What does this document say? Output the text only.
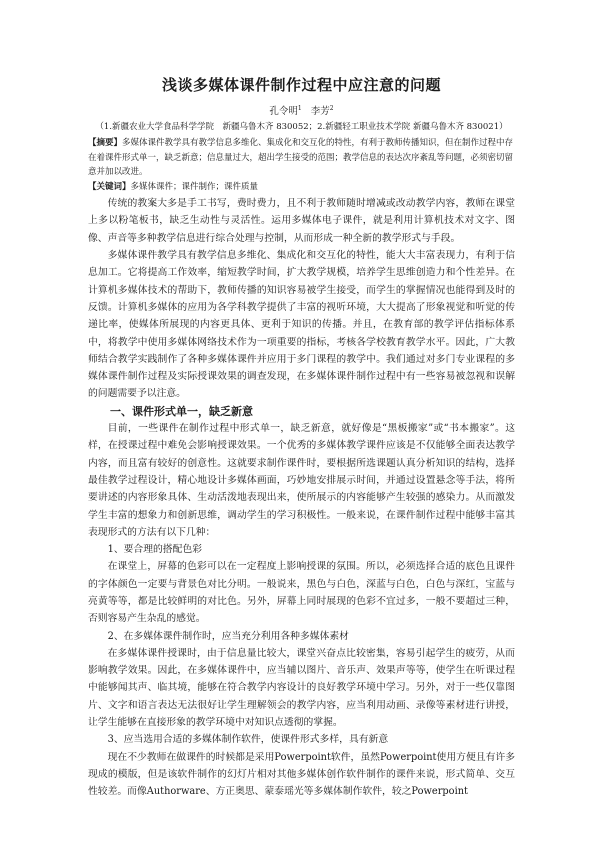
浅谈多媒体课件制作过程中应注意的问题

孔令明$^1$ 李芳$^2$

（1.新疆农业大学食品科学学院　新疆乌鲁木齐 830052；2.新疆轻工职业技术学院 新疆乌鲁木齐 830021）

【摘要】多媒体课件教学具有教学信息多维化、集成化和交互化的特性，有利于教师传播知识，但在制作过程中存在着课件形式单一，缺乏新意；信息量过大，超出学生接受的范围；教学信息的表达次序紊乱等问题，必须密切留意并加以改进。

【关键词】多媒体课件；课件制作；课件质量

传统的教案大多是手工书写，费时费力，且不利于教师随时增减或改动教学内容，教师在课堂上多以粉笔板书，缺乏生动性与灵活性。运用多媒体电子课件，就是利用计算机技术对文字、图像、声音等多种教学信息进行综合处理与控制，从而形成一种全新的教学形式与手段。

多媒体课件教学具有教学信息多维化、集成化和交互化的特性，能大大丰富表现力，有利于信息加工。它将提高工作效率，缩短教学时间，扩大教学规模，培养学生思维创造力和个性差异。在计算机多媒体技术的帮助下，教师传播的知识容易被学生接受，而学生的掌握情况也能得到及时的反馈。计算机多媒体的应用为各学科教学提供了丰富的视听环境，大大提高了形象视觉和听觉的传递比率，使媒体所展现的内容更具体、更利于知识的传播。并且，在教育部的教学评估指标体系中，将教学中使用多媒体网络技术作为一项重要的指标，考核各学校教育教学水平。因此，广大教师结合教学实践制作了各种多媒体课件并应用于多门课程的教学中。我们通过对多门专业课程的多媒体课件制作过程及实际授课效果的调查发现，在多媒体课件制作过程中有一些容易被忽视和误解的问题需要予以注意。

一、课件形式单一，缺乏新意

目前，一些课件在制作过程中形式单一，缺乏新意，就好像是“黑板搬家”或“书本搬家”。这样，在授课过程中难免会影响授课效果。一个优秀的多媒体教学课件应该是不仅能够全面表达教学内容，而且富有较好的创意性。这就要求制作课件时，要根据所选课题认真分析知识的结构，选择最佳教学过程设计，精心地设计多媒体画面，巧妙地安排展示时间，并通过设置悬念等手法，将所要讲述的内容形象具体、生动活泼地表现出来，使所展示的内容能够产生较强的感染力。从而激发学生丰富的想象力和创新思维，调动学生的学习积极性。一般来说，在课件制作过程中能够丰富其表现形式的方法有以下几种：

1、要合理的搭配色彩

在课堂上，屏幕的色彩可以在一定程度上影响授课的氛围。所以，必须选择合适的底色且课件的字体颜色一定要与背景色对比分明。一般说来，黑色与白色，深蓝与白色，白色与深红，宝蓝与亮黄等等，都是比较鲜明的对比色。另外，屏幕上同时展现的色彩不宜过多，一般不要超过三种，否则容易产生杂乱的感觉。

2、在多媒体课件制作时，应当充分利用各种多媒体素材

在多媒体课件授课时，由于信息量比较大，课堂兴奋点比较密集，容易引起学生的疲劳，从而影响教学效果。因此，在多媒体课件中，应当辅以图片、音乐声、效果声等等，使学生在听课过程中能够闻其声、临其境，能够在符合教学内容设计的良好教学环境中学习。另外，对于一些仅靠图片、文字和语言表达无法很好让学生理解领会的教学内容，应当利用动画、录像等素材进行讲授，让学生能够在直接形象的教学环境中对知识点透彻的掌握。

3、应当选用合适的多媒体制作软件，使课件形式多样，具有新意

现在不少教师在做课件的时候都是采用Powerpoint软件，虽然Powerpoint使用方便且有许多现成的模版，但是该软件制作的幻灯片相对其他多媒体创作软件制作的课件来说，形式简单、交互性较差。而像Authorware、方正奥思、蒙泰瑶光等多媒体制作软件，较之Powerpoint
